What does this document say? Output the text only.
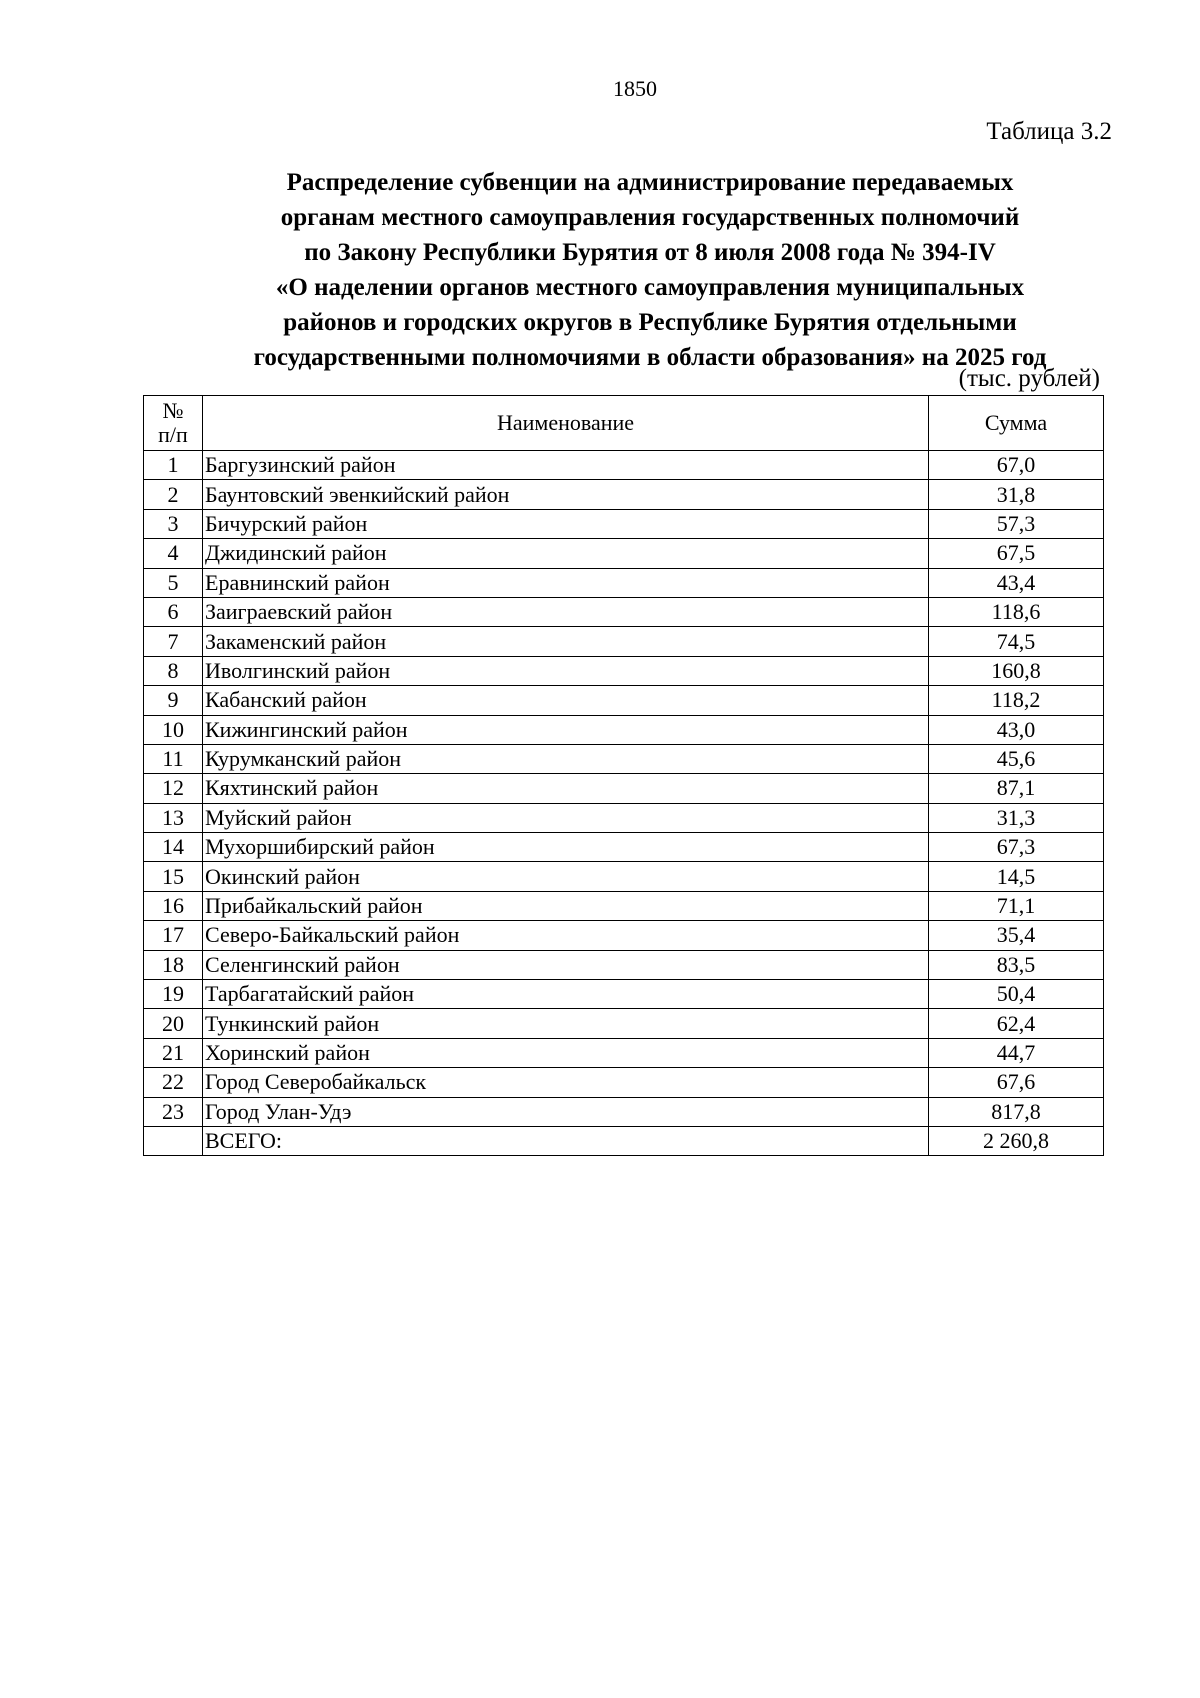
1850
Таблица 3.2
Распределение субвенции на администрирование передаваемых
органам местного самоуправления государственных полномочий
по Закону Республики Бурятия от 8 июля 2008 года № 394-IV
«О наделении органов местного самоуправления муниципальных
районов и городских округов в Республике Бурятия отдельными
государственными полномочиями в области образования» на 2025 год
(тыс. рублей)
№
п/п	Наименование	Сумма
1	Баргузинский район	67,0
2	Баунтовский эвенкийский район	31,8
3	Бичурский район	57,3
4	Джидинский район	67,5
5	Еравнинский район	43,4
6	Заиграевский район	118,6
7	Закаменский район	74,5
8	Иволгинский район	160,8
9	Кабанский район	118,2
10	Кижингинский район	43,0
11	Курумканский район	45,6
12	Кяхтинский район	87,1
13	Муйский район	31,3
14	Мухоршибирский район	67,3
15	Окинский район	14,5
16	Прибайкальский район	71,1
17	Северо-Байкальский район	35,4
18	Селенгинский район	83,5
19	Тарбагатайский район	50,4
20	Тункинский район	62,4
21	Хоринский район	44,7
22	Город Северобайкальск	67,6
23	Город Улан-Удэ	817,8
	ВСЕГО:	2 260,8
